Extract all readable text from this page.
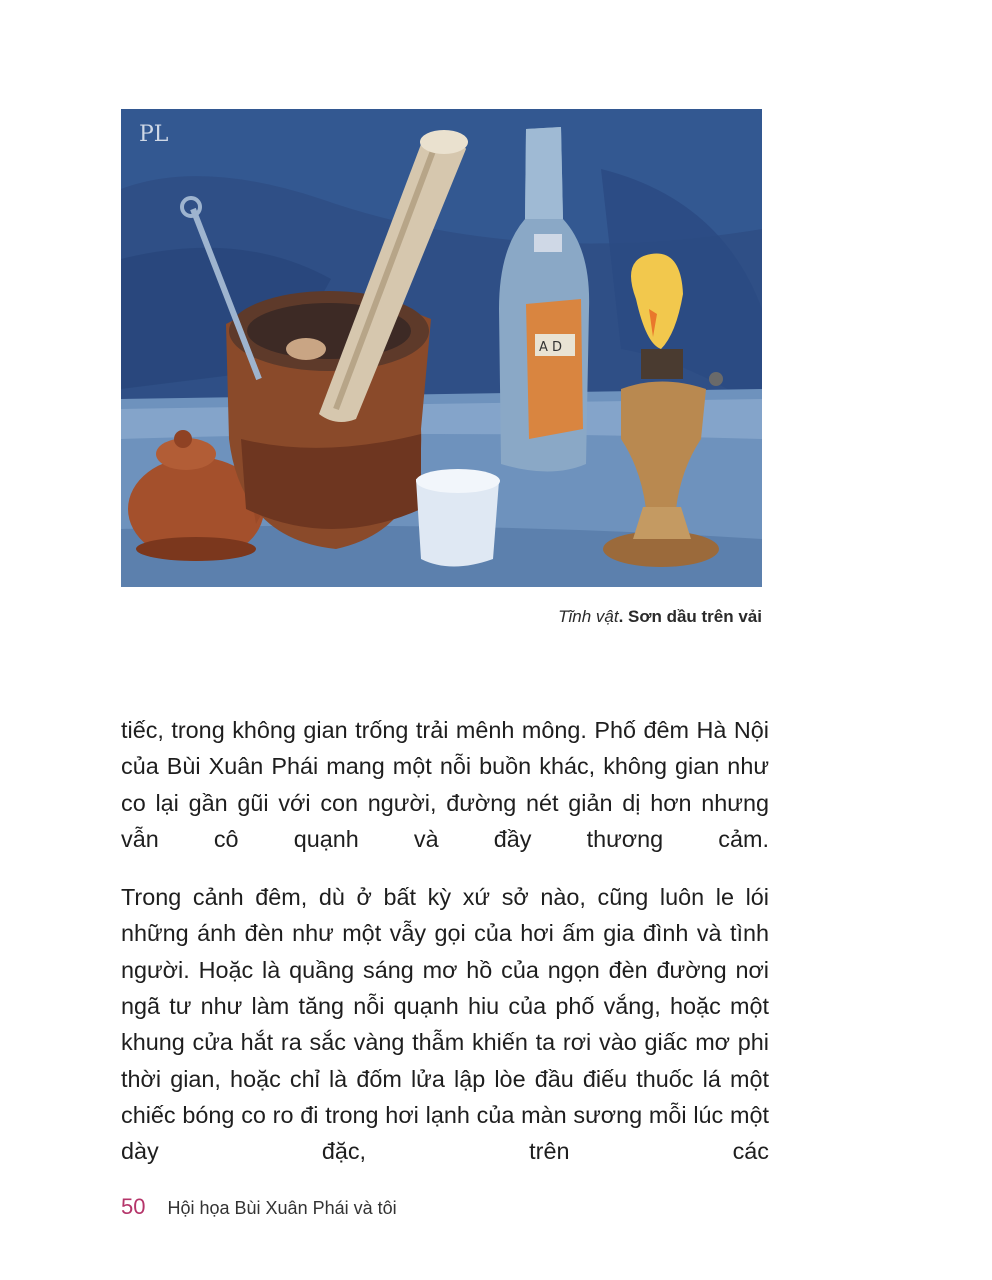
PL
A D
Tĩnh vật. Sơn dầu trên vải

tiếc, trong không gian trống trải mênh mông. Phố đêm Hà Nội của Bùi Xuân Phái mang một nỗi buồn khác, không gian như co lại gần gũi với con người, đường nét giản dị hơn nhưng vẫn cô quạnh và đầy thương cảm.

Trong cảnh đêm, dù ở bất kỳ xứ sở nào, cũng luôn le lói những ánh đèn như một vẫy gọi của hơi ấm gia đình và tình người. Hoặc là quầng sáng mơ hồ của ngọn đèn đường nơi ngã tư như làm tăng nỗi quạnh hiu của phố vắng, hoặc một khung cửa hắt ra sắc vàng thẫm khiến ta rơi vào giấc mơ phi thời gian, hoặc chỉ là đốm lửa lập lòe đầu điếu thuốc lá một chiếc bóng co ro đi trong hơi lạnh của màn sương mỗi lúc một dày đặc, trên các

50 Hội họa Bùi Xuân Phái và tôi
